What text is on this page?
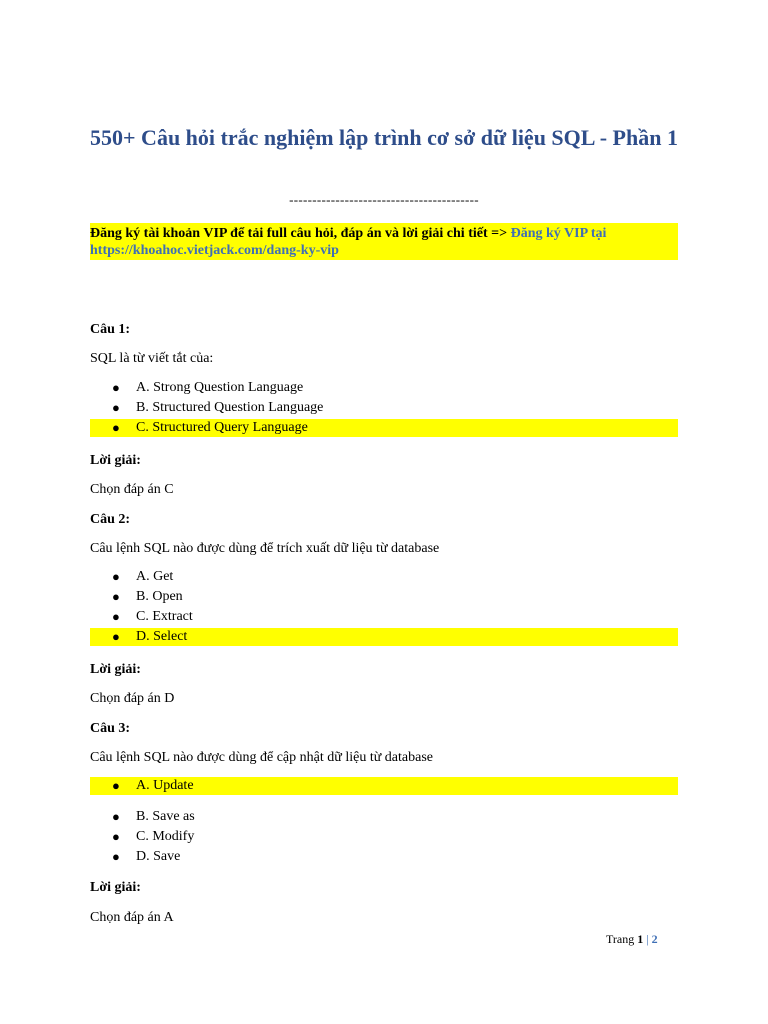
550+ Câu hỏi trắc nghiệm lập trình cơ sở dữ liệu SQL - Phần 1
-----------------------------------------
Đăng ký tài khoản VIP để tải full câu hỏi, đáp án và lời giải chi tiết => Đăng ký VIP tại https://khoahoc.vietjack.com/dang-ky-vip
Câu 1:
SQL là từ viết tắt của:
● A. Strong Question Language
● B. Structured Question Language
● C. Structured Query Language
Lời giải:
Chọn đáp án C
Câu 2:
Câu lệnh SQL nào được dùng để trích xuất dữ liệu từ database
● A. Get
● B. Open
● C. Extract
● D. Select
Lời giải:
Chọn đáp án D
Câu 3:
Câu lệnh SQL nào được dùng để cập nhật dữ liệu từ database
● A. Update
● B. Save as
● C. Modify
● D. Save
Lời giải:
Chọn đáp án A
Trang 1 | 2
